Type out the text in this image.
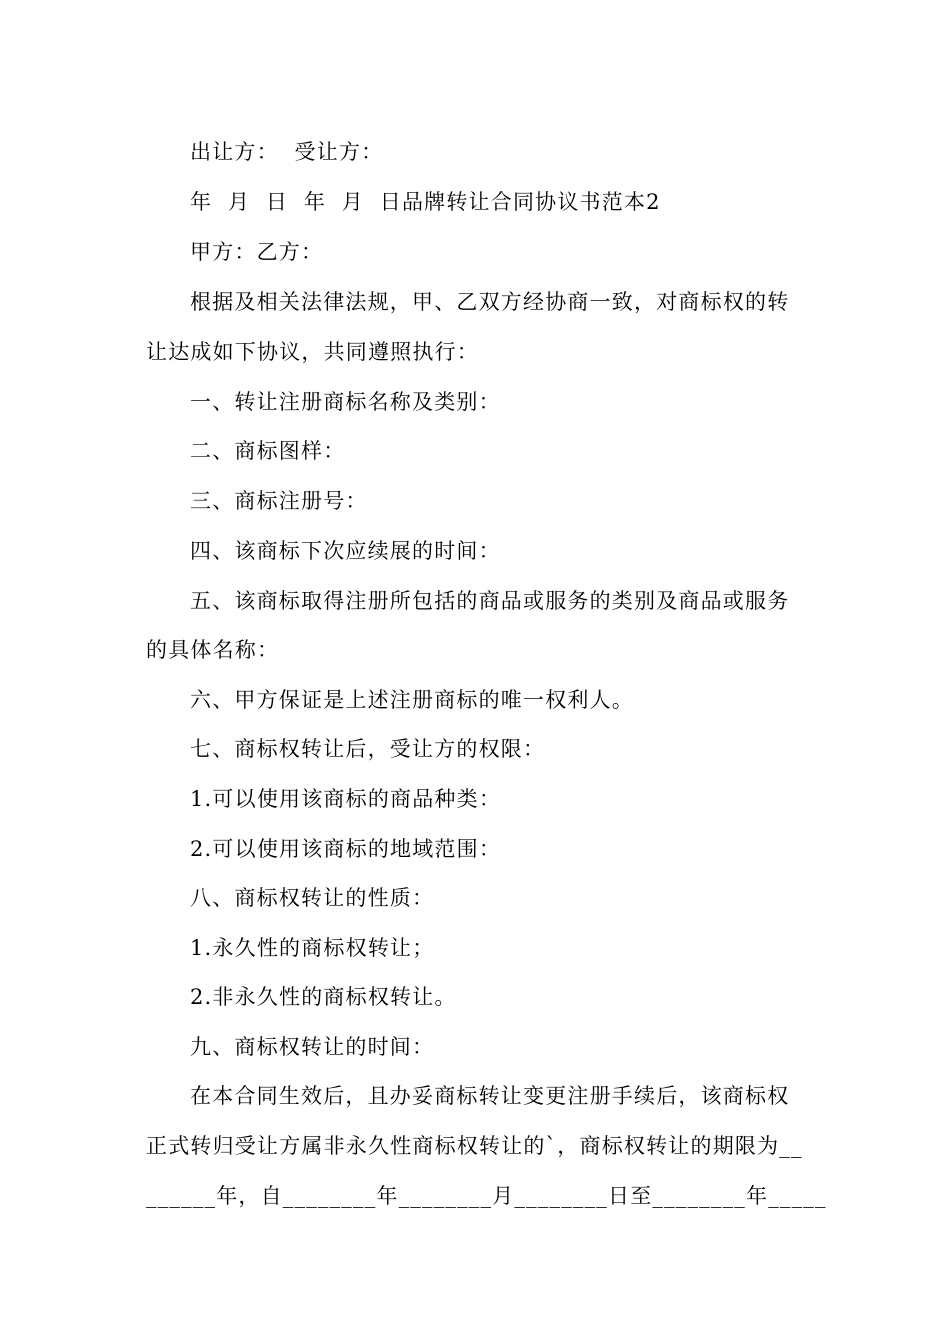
出让方：  受让方：
年  月  日  年  月  日品牌转让合同协议书范本2
甲方：乙方：
根据及相关法律法规，甲、乙双方经协商一致，对商标权的转
让达成如下协议，共同遵照执行：
一、转让注册商标名称及类别：
二、商标图样：
三、商标注册号：
四、该商标下次应续展的时间：
五、该商标取得注册所包括的商品或服务的类别及商品或服务
的具体名称：
六、甲方保证是上述注册商标的唯一权利人。
七、商标权转让后，受让方的权限：
1.可以使用该商标的商品种类：
2.可以使用该商标的地域范围：
八、商标权转让的性质：
1.永久性的商标权转让；
2.非永久性的商标权转让。
九、商标权转让的时间：
在本合同生效后，且办妥商标转让变更注册手续后，该商标权
正式转归受让方属非永久性商标权转让的`，商标权转让的期限为__
______年，自________年________月________日至________年_____
